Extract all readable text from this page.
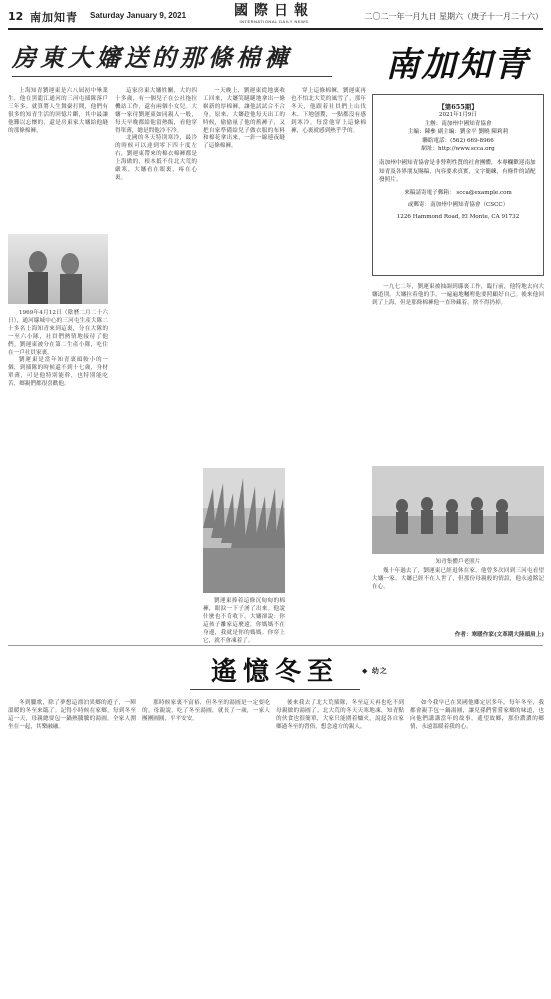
12 南加知青 Saturday January 9, 2021	國際日報
INTERNATIONAL DAILY NEWS
二〇二一年一月九日 星期六（庚子十一月二十六）
房東大嬸送的那條棉褲	南加知青
【第655期】
2021年1月9日
主辦：南加州中國知青協會
主編：陳參 副主編：劉金平 劉曉 陳莉莉
聯絡電話：(562) 669-8966
網址：http://www.scca.org
南加州中國知青協會是非營利性質的社會團體，本專欄歡迎南加知青及各界朋友賜稿，內容要求真實，文字簡練，有條件的請配發照片。
來稿請寄電子郵箱： scca@example.com
或郵寄：南加州中國知青協會（CSCC）
1226 Hammond Road, El Monte, CA 91732

上海知青劉運東是六八屆初中畢業生，他在黑龍江通河的三河屯插隊落戶三年多。就算將人生舞臺打開，他們有很多的知青生活的回憶片斷，其中最讓他難以忘懷的，還是房東家大嬸給他縫的那條棉褲。

1969年4月12日（陰曆二月二十六日），通河縣城中心的三河屯生產大隊二十多名上海知青來到這裏，分在大隊的一至六小隊，社員們熱情地接待了他們。劉運東被分在第二生產小隊，吃住在一戶社員家裏。

劉運東是當年知青裏頭較小的一個，到插隊的時候還不到十七歲，身材單薄，可是他特別能幹，也特別能吃苦，鄉親們都很喜歡他。

這家房東大嬸姓關，大約四十多歲，有一個兒子在公社拖拉機站工作，還有兩個小女兒。大嬸一家待劉運東如同親人一般，每天早晚都給他留熱飯，看他穿得單薄，總是問他冷不冷。

北國的冬天特別寒冷，最冷的時候可以達到零下四十度左右，劉運東帶來的棉衣棉褲都是上海做的，根本抵不住北大荒的嚴寒。大嬸看在眼裏，疼在心裏。

一天晚上，劉運東從地裏收工回來，大嬸笑瞇瞇地拿出一條嶄新的厚棉褲，讓他試試合不合身。原來，大嬸趁他每天出工的時候，偷偷量了他的舊褲子，又把自家準備給兒子做衣服的布料和棉花拿出來，一針一線連夜縫了這條棉褲。

劉運東捧着這條沉甸甸的棉褲，眼淚一下子湧了出來。他說什麼也不肯收下，大嬸卻說：你這孩子離家這麼遠，你媽媽不在身邊，我就是你的媽媽。你穿上它，就不會凍着了。

穿上這條棉褲，劉運東再也不怕北大荒的風雪了。那年冬天，他跟着社員們上山伐木、下地刨糞，一點都沒有感到寒冷。每當他穿上這條棉褲，心裏就感到熱乎乎的。

一九七二年，劉運東被抽調到縣裏工作，臨行前，他特地去向大嬸道別。大嬸拉着他的手，一遍遍地囑咐他要照顧好自己。後來他回到了上海，但是那條棉褲他一直珍藏着，捨不得扔掉。

知青集體戶老照片

幾十年過去了，劉運東已經退休在家，他曾多次回到三河屯看望大嬸一家。大嬸已經不在人世了，但那份母親般的情誼，他永遠銘記在心。

作者：寒暖作家(文革期大陸頭肩上)
遙憶冬至	◆ 幼之

冬到臘歌，除了夢想這漂泊異鄉的遊子，一陣溫暖的冬至來臨了。記得小時候在家鄉，每到冬至這一天，母親總要包一鍋熱騰騰的湯圓，全家人圍坐在一起，其樂融融。

那時候家裏不富裕，但冬至的湯圓是一定要吃的。母親說，吃了冬至湯圓，就長了一歲，一家人團團圓圓，平平安安。

後來我去了北大荒插隊，冬至這天再也吃不到母親做的湯圓了。北大荒的冬天天寒地凍，知青點的伙食也很簡單，大家只能圍着爐火，說起各自家鄉過冬至的習俗，想念遠方的親人。

如今我早已在異國他鄉定居多年，每年冬至，我都會親手包一鍋湯圓，讓兒孫們嘗嘗家鄉的味道，也向他們講講當年的故事。遙望故鄉，那份濃濃的鄉情，永遠溫暖着我的心。
